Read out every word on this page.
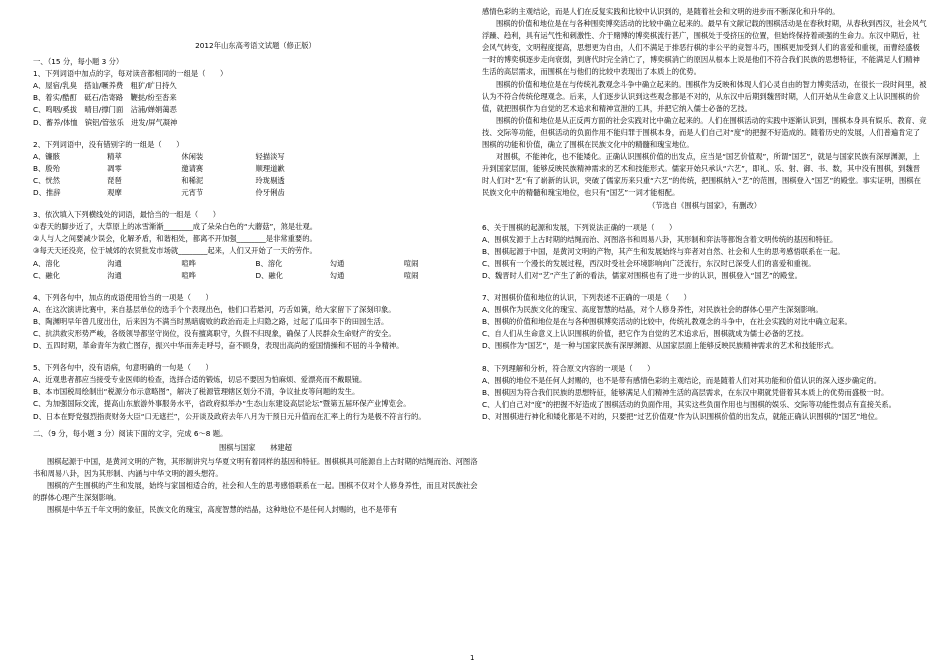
2012年山东高考语文试题（修正版）
一、（15 分，每小题 3 分）
1、下列词语中加点的字，每对读音都相同的一组是（　　）
A、屋宿/乳臭　搭讪/噘养费　粗犷/旷日持久
B、着实/酷酊　砥石/浩寄路　鞭挞/纷至沓来
C、鸣咽/奚拔　晴目/撑门面　沾浦/婵娟蔼恶
D、蓄养/体恤　镔铝/管弦乐　进发/屏气凝神
2、下列词语中，没有错别字的一组是（　　）
A、镰骸	精萃	休闲装	轻描淡写
B、殷殆	凋零	邀请赛	顺理道歉
C、恍然	琵琶	和稀泥	玲珑剔透
D、推辞	观摩	元宵节	伶牙俐齿
3、依次填入下列横线处的词语，最恰当的一组是（　　）
①春天的脚步近了，大草原上的冰雪渐渐________成了朵朵白色的“大蘑菇”，煞是壮观。
②人与人之间要减少误会，化解矛盾，和谐相处，都离不开加强________是非常重要的。
③每天天还没亮，位于城郊的农贸批发市场就________起来，人们又开始了一天的劳作。
A、溶化	沟通	喧哗	B、溶化	勾通	喧闹
C、融化	沟通	喧哗	D、融化	勾通	喧闹
4、下列各句中，加点的成语使用恰当的一项是（　　）
A、在这次演讲比赛中，来自基层单位的选手个个表现出色，他们口若悬河，巧舌如簧，给大家留下了深刻印象。
B、陶渊明早年曾几度出仕，后来因为不满当时黑暗腐败的政治而走上归隐之路，过起了瓜田李下的田园生活。
C、抗洪救灾形势严峻，各级领导都坚守岗位，没有擅离职守，久假不归现象，确保了人民群众生命财产的安全。
D、五四时期，革命青年为救亡图存，振兴中华而奔走呼号，奋不顾身，表现出高尚的爱国情操和不屈的斗争精神。
5、下列各句中，没有语病，句意明确的一句是（　　）
A、近观患者都应当接受专业医师的检查，选择合适的锻炼，切忌不要因为怕麻烦、爱漂亮而不戴眼镜。
B、本市国税局绘制出“税源分布示意略图”，解决了税源管理辖区划分不清，争议扯皮等问题的发生。
C、为加强国际交流，提高山东旅游外事服务水平，省政府拟举办“生态山东建设高层论坛”暨第五届环保产业博览会。
D、日本在野党强烈指责财务大臣“口无遮拦”，公开谈及政府去年八月为干预日元升值而在汇率上的行为是极不符言行的。
二、（9 分，每小题 3 分）阅读下面的文字，完成 6～8 题。
围棋与国家　　林建超
围棋起源于中国，是黄河文明的产物，其形制讲究与华夏文明有着同样的基因和特征。围棋棋具可能源自上古时期的结绳而治、河图洛书和周易八卦，因为其形制、内涵与中华文明的源头想符。
围棋的产生围棋的产生和发展，始终与家国相适合的，社会和人生的思考感悟联系在一起。围棋不仅对个人修身养性，而且对民族社会的群体心理产生深刻影响。
围棋是中华五千年文明的象征，民族文化的瑰宝，高度智慧的结晶，这种地位不是任何人封赐的，也不是带有
感情色彩的主观结论，而是人们在反复实践和比较中认识到的，是随着社会和文明的进步而不断深化和升华的。
围棋的价值和地位是在与各种围奕博奕活动的比较中确立起来的。最早有文献记载的围棋活动是在春秋时期，从春秋到西汉，社会风气浮躁、趋利，具有运气性和刺激性、介于赌博的博奕棋流行甚广，围棋处于受挤压的位置，但始终保持着顽强的生命力。东汉中期后，社会风气转变，文明程度提高，思想更为自由，人们不满足于排恶行棋的非公平的竞智斗巧，围棋更加受到人们的喜爱和重视，而曹经盛极一时的博奕棋逐步走向衰弱，到唐代时完全消亡了，博奕棋消亡的原因从根本上说是他们不符合我们民族的思想特征，不能满足人们精神生活的高层需求，而围棋在与他们的比较中表现出了本质上的优势。
围棋的价值和地位是在与传统礼教观念斗争中确立起来的。围棋作为反映和体现人们心灵自由的智力博奕活动，在很长一段时间里，被认为不符合传统伦理观念。后来，人们逐步认识到这些观念都是不对的，从东汉中后期到魏晋时期，人们开始从生命意义上认识围棋的价值，就把围棋作为自觉的艺术追求和精神宣泄的工具，并把它纳入儒士必备的艺技。
围棋的价值和地位是从正反两方面的社会实践对比中确立起来的。人们在围棋活动的实践中逐渐认识到，围棋本身具有娱乐、教育、竞技、交际等功能，但棋活动的负面作用不能归罪于围棋本身，而是人们自己对“度”的把握不好造成的。随着历史的发展，人们普遍肯定了围棋的功能和价值，确立了围棋在民族文化中的精髓和瑰宝地位。
对围棋，不能神化，也不能矮化。正确认识围棋价值的出发点，应当是“国艺价值观”，所谓“国艺”，就是与国家民族有深厚渊源，上升到国家层面，能够反映民族精神需求的艺术和技能形式。儒家开始只承认“六艺”，即礼、乐、射、御、书、数，其中没有围棋，到魏晋时人们对“艺”有了崭新的认识，突破了儒家历来只重“六艺”的传统，把围棋纳入“艺”的范围，围棋登入“国艺”的殿堂。事实证明，围棋在民族文化中的精髓和瑰宝地位，也只有“国艺”一词才能相配。
（节选自《围棋与国家》，有删改）
6、关于围棋的起源和发展，下列说法正确的一项是（　　）
A、围棋发源于上古时期的结绳而治、河图洛书和周易八卦，其形制和弈法等都饱含着文明传统的基因和特征。
B、围棋起源于中国，是黄河文明的产物，其产生和发展始终与弈者对自然、社会和人生的思考感悟联系在一起。
C、围棋有一个漫长的发展过程，西汉时受社会环境影响向广泛流行，东汉时已深受人们的喜爱和重视。
D、魏晋时人们对“艺”产生了新的看法，儒家对围棋也有了进一步的认识，围棋登入“国艺”的殿堂。
7、对围棋价值和地位的认识，下列表述不正确的一项是（　　）
A、围棋作为民族文化的瑰宝、高度智慧的结晶，对个人修身养性，对民族社会的群体心里产生深刻影响。
B、围棋的价值和地位是在与各种围棋博奕活动的比较中，传统礼教观念的斗争中，在社会实践的对比中确立起来。
C、自人们从生命意义上认识围棋的价值，把它作为自觉的艺术追求后，围棋就成为儒士必备的艺技。
D、围棋作为“国艺”，是一种与国家民族有深厚渊源、从国家层面上能够反映民族精神需求的艺术和技能形式。
8、下列理解和分析，符合原文内容的一项是（　　）
A、围棋的地位不是任何人封赐的，也不是带有感情色彩的主观结论，而是随着人们对其功能和价值认识的深入逐步确定的。
B、围棋因为符合我们民族的思想特征，能够满足人们精神生活的高层需求，在东汉中期就凭借着其本质上的优势而盛极一时。
C、人们自己对“度”的把握不好造成了围棋活动的负面作用，其实这些负面作用也与围棋的娱乐、交际等功能性弱点有直接关系。
D、对围棋进行神化和矮化都是不对的，只要把“过艺价值观”作为认识围棋价值的出发点，就能正确认识围棋的“国艺”地位。
1
